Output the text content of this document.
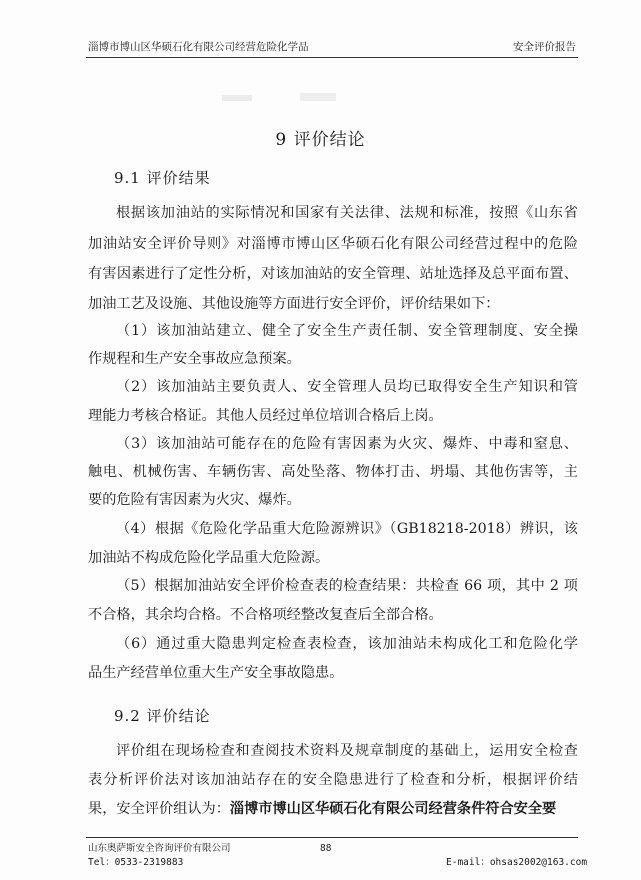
淄博市博山区华硕石化有限公司经营危险化学品	安全评价报告
9 评价结论
9.1 评价结果
根据该加油站的实际情况和国家有关法律、法规和标准，按照《山东省
加油站安全评价导则》对淄博市博山区华硕石化有限公司经营过程中的危险
有害因素进行了定性分析，对该加油站的安全管理、站址选择及总平面布置、
加油工艺及设施、其他设施等方面进行安全评价，评价结果如下：
（1）该加油站建立、健全了安全生产责任制、安全管理制度、安全操
作规程和生产安全事故应急预案。
（2）该加油站主要负责人、安全管理人员均已取得安全生产知识和管
理能力考核合格证。其他人员经过单位培训合格后上岗。
（3）该加油站可能存在的危险有害因素为火灾、爆炸、中毒和窒息、
触电、机械伤害、车辆伤害、高处坠落、物体打击、坍塌、其他伤害等，主
要的危险有害因素为火灾、爆炸。
（4）根据《危险化学品重大危险源辨识》（GB18218-2018）辨识，该
加油站不构成危险化学品重大危险源。
（5）根据加油站安全评价检查表的检查结果：共检查 66 项，其中 2 项
不合格，其余均合格。不合格项经整改复查后全部合格。
（6）通过重大隐患判定检查表检查，该加油站未构成化工和危险化学
品生产经营单位重大生产安全事故隐患。
9.2 评价结论
评价组在现场检查和查阅技术资料及规章制度的基础上，运用安全检查
表分析评价法对该加油站存在的安全隐患进行了检查和分析，根据评价结
果，安全评价组认为：淄博市博山区华硕石化有限公司经营条件符合安全要
山东奥萨斯安全咨询评价有限公司
Tel：0533-2319883
88
E-mail：ohsas2002@163.com
